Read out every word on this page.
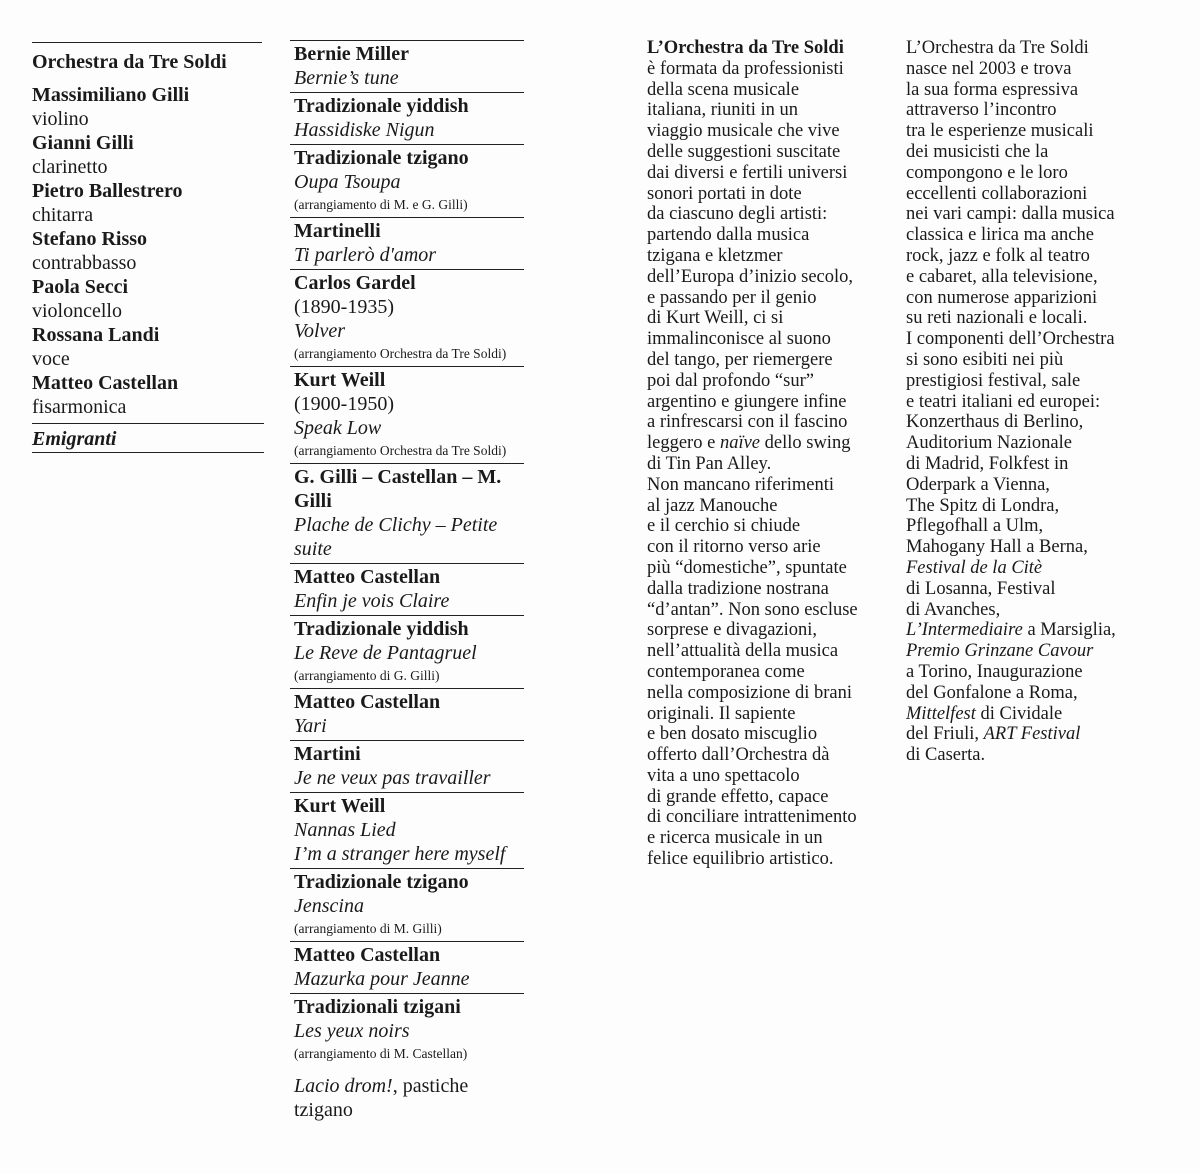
Orchestra da Tre Soldi
Massimiliano Gilli
violino
Gianni Gilli
clarinetto
Pietro Ballestrero
chitarra
Stefano Risso
contrabbasso
Paola Secci
violoncello
Rossana Landi
voce
Matteo Castellan
fisarmonica
Emigranti
Bernie Miller
Bernie’s tune
Tradizionale yiddish
Hassidiske Nigun
Tradizionale tzigano
Oupa Tsoupa
(arrangiamento di M. e G. Gilli)
Martinelli
Ti parlerò d'amor
Carlos Gardel
(1890-1935)
Volver
(arrangiamento Orchestra da Tre Soldi)
Kurt Weill
(1900-1950)
Speak Low
(arrangiamento Orchestra da Tre Soldi)
G. Gilli – Castellan – M. Gilli
Plache de Clichy – Petite suite
Matteo Castellan
Enfin je vois Claire
Tradizionale yiddish
Le Reve de Pantagruel
(arrangiamento di G. Gilli)
Matteo Castellan
Yari
Martini
Je ne veux pas travailler
Kurt Weill
Nannas Lied
I’m a stranger here myself
Tradizionale tzigano
Jenscina
(arrangiamento di M. Gilli)
Matteo Castellan
Mazurka pour Jeanne
Tradizionali tzigani
Les yeux noirs
(arrangiamento di M. Castellan)
Lacio drom!, pastiche tzigano
L’Orchestra da Tre Soldi
è formata da professionisti
della scena musicale
italiana, riuniti in un
viaggio musicale che vive
delle suggestioni suscitate
dai diversi e fertili universi
sonori portati in dote
da ciascuno degli artisti:
partendo dalla musica
tzigana e kletzmer
dell’Europa d’inizio secolo,
e passando per il genio
di Kurt Weill, ci si
immalinconisce al suono
del tango, per riemergere
poi dal profondo “sur”
argentino e giungere infine
a rinfrescarsi con il fascino
leggero e naïve dello swing
di Tin Pan Alley.
Non mancano riferimenti
al jazz Manouche
e il cerchio si chiude
con il ritorno verso arie
più “domestiche”, spuntate
dalla tradizione nostrana
“d’antan”. Non sono escluse
sorprese e divagazioni,
nell’attualità della musica
contemporanea come
nella composizione di brani
originali. Il sapiente
e ben dosato miscuglio
offerto dall’Orchestra dà
vita a uno spettacolo
di grande effetto, capace
di conciliare intrattenimento
e ricerca musicale in un
felice equilibrio artistico.
L’Orchestra da Tre Soldi
nasce nel 2003 e trova
la sua forma espressiva
attraverso l’incontro
tra le esperienze musicali
dei musicisti che la
compongono e le loro
eccellenti collaborazioni
nei vari campi: dalla musica
classica e lirica ma anche
rock, jazz e folk al teatro
e cabaret, alla televisione,
con numerose apparizioni
su reti nazionali e locali.
I componenti dell’Orchestra
si sono esibiti nei più
prestigiosi festival, sale
e teatri italiani ed europei:
Konzerthaus di Berlino,
Auditorium Nazionale
di Madrid, Folkfest in
Oderpark a Vienna,
The Spitz di Londra,
Pflegofhall a Ulm,
Mahogany Hall a Berna,
Festival de la Citè
di Losanna, Festival
di Avanches,
L’Intermediaire a Marsiglia,
Premio Grinzane Cavour
a Torino, Inaugurazione
del Gonfalone a Roma,
Mittelfest di Cividale
del Friuli, ART Festival
di Caserta.
